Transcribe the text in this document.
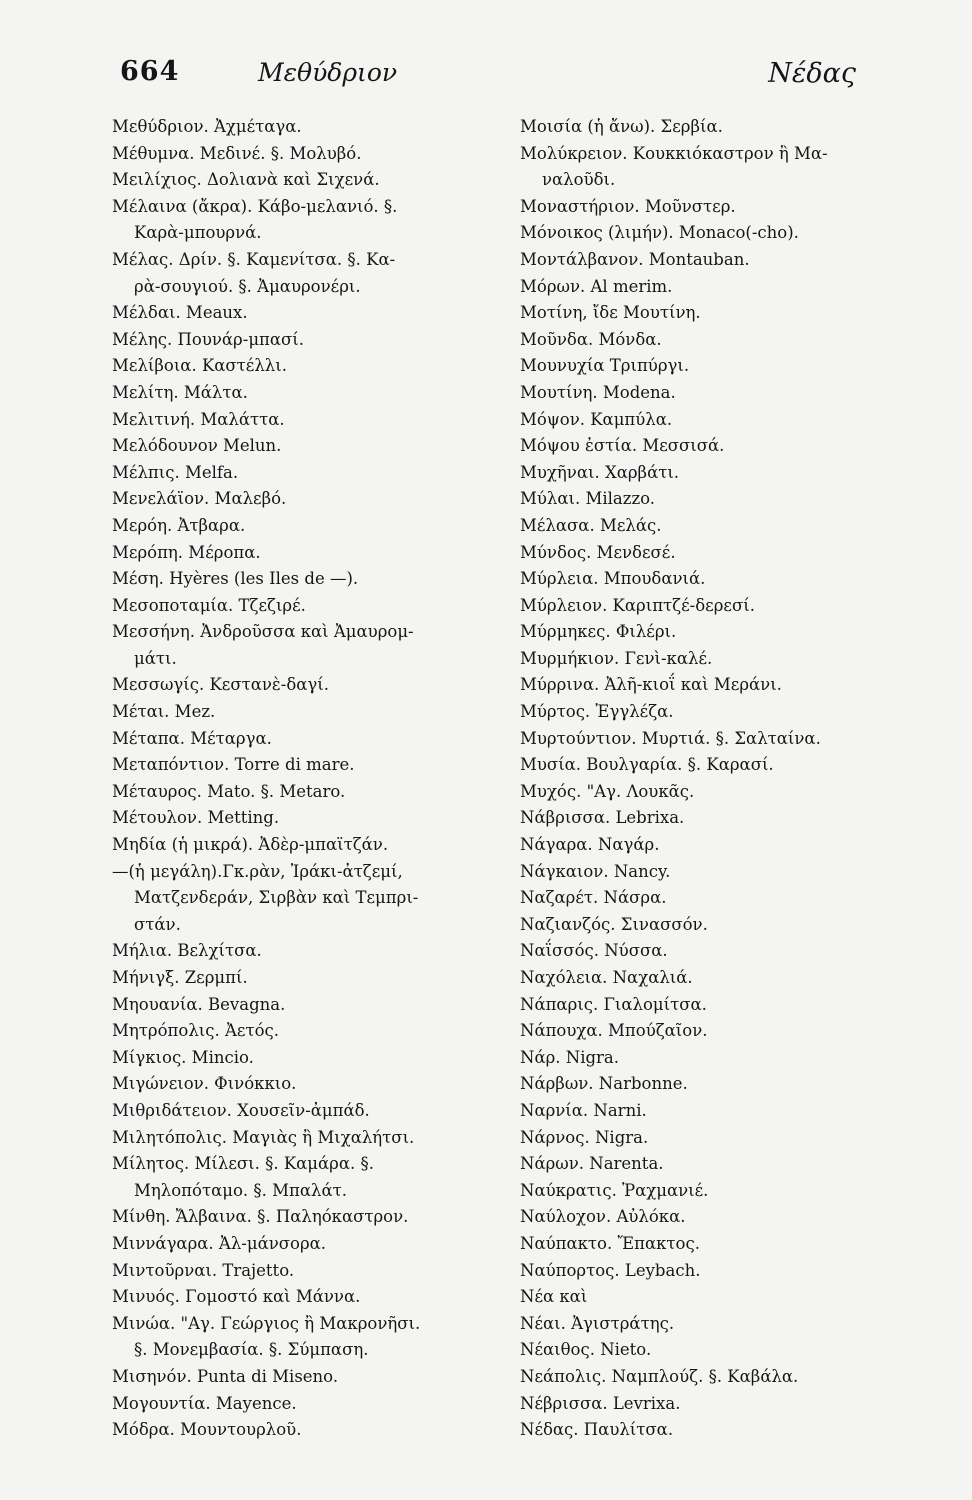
664	Μεθύδριον	Νέδας
Μεθύδριον. Ἀχμέταγα.
Μέθυμνα. Μεδινέ. §. Μολυβό.
Μειλίχιος. Δολιανὰ καὶ Σιχενά.
Μέλαινα (ἄκρα). Κάβο-μελανιό. §.
Καρὰ-μπουρνά.
Μέλας. Δρίν. §. Καμενίτσα. §. Κα-
ρὰ-σουγιού. §. Ἀμαυρονέρι.
Μέλδαι. Meaux.
Μέλης. Πουνάρ-μπασί.
Μελίβοια. Καστέλλι.
Μελίτη. Μάλτα.
Μελιτινή. Μαλάττα.
Μελόδουνον Melun.
Μέλπις. Melfa.
Μενελάϊον. Μαλεβό.
Μερόη. Ἀτβαρα.
Μερόπη. Μέροπα.
Μέση. Hyères (les Iles de —).
Μεσοποταμία. Τζεζιρέ.
Μεσσήνη. Ἀνδροῦσσα καὶ Ἀμαυρομ-
μάτι.
Μεσσωγίς. Κεστανὲ-δαγί.
Μέται. Mez.
Μέταπα. Μέταργα.
Μεταπόντιον. Torre di mare.
Μέταυρος. Mato. §. Metaro.
Μέτουλον. Metting.
Μηδία (ἡ μικρά). Ἀδὲρ-μπαϊτζάν.
—(ἡ μεγάλη).Γκ.ρὰν, Ἰράκι-ἀτζεμί,
Ματζενδεράν, Σιρβὰν καὶ Τεμπρι-
στάν.
Μήλια. Βελχίτσα.
Μήνιγξ. Ζερμπί.
Μηουανία. Bevagna.
Μητρόπολις. Ἀετός.
Μίγκιος. Mincio.
Μιγώνειον. Φινόκκιο.
Μιθριδάτειον. Χουσεῖν-ἀμπάδ.
Μιλητόπολις. Μαγιὰς ἢ Μιχαλήτσι.
Μίλητος. Μίλεσι. §. Καμάρα. §.
Μηλοπόταμο. §. Μπαλάτ.
Μίνθη. Ἄλβαινα. §. Παληόκαστρον.
Μιννάγαρα. Ἀλ-μάνσορα.
Μιντοῦρναι. Trajetto.
Μινυός. Γομοστό καὶ Μάννα.
Μινώα. "Αγ. Γεώργιος ἢ Μακρονῆσι.
§. Μονεμβασία. §. Σύμπαση.
Μισηνόν. Punta di Miseno.
Μογουντία. Mayence.
Μόδρα. Μουντουρλοῦ.
Μοισία (ἡ ἄνω). Σερβία.
Μολύκρειον. Κουκκιόκαστρον ἢ Μα-
ναλοῦδι.
Μοναστήριον. Μοῦνστερ.
Μόνοικος (λιμήν). Monaco(-cho).
Μοντάλβανον. Montauban.
Μόρων. Al merim.
Μοτίνη, ἴδε Μουτίνη.
Μοῦνδα. Μόνδα.
Μουνυχία Τριπύργι.
Μουτίνη. Modena.
Μόψον. Καμπύλα.
Μόψου ἐστία. Μεσσισά.
Μυχῆναι. Χαρβάτι.
Μύλαι. Milazzo.
Μέλασα. Μελάς.
Μύνδος. Μενδεσέ.
Μύρλεια. Μπουδανιά.
Μύρλειον. Καριπτζέ-δερεσί.
Μύρμηκες. Φιλέρι.
Μυρμήκιον. Γενὶ-καλέ.
Μύρρινα. Ἀλῆ-κιοΐ καὶ Μεράνι.
Μύρτος. Ἐγγλέζα.
Μυρτούντιον. Μυρτιά. §. Σαλταίνα.
Μυσία. Βουλγαρία. §. Καρασί.
Μυχός. "Αγ. Λουκᾶς.
Νάβρισσα. Lebrixa.
Νάγαρα. Ναγάρ.
Νάγκαιον. Nancy.
Ναζαρέτ. Νάσρα.
Ναζιανζός. Σινασσόν.
Ναΐσσός. Νύσσα.
Ναχόλεια. Ναχαλιά.
Νάπαρις. Γιαλομίτσα.
Νάπουχα. Μπούζαῖον.
Νάρ. Nigra.
Νάρβων. Narbonne.
Ναρνία. Narni.
Νάρνος. Nigra.
Νάρων. Narenta.
Ναύκρατις. Ῥαχμανιέ.
Ναύλοχον. Αὐλόκα.
Ναύπακτο. Ἔπακτος.
Ναύπορτος. Leybach.
Νέα καὶ
Νέαι. Ἀγιστράτης.
Νέαιθος. Nieto.
Νεάπολις. Ναμπλούζ. §. Καβάλα.
Νέβρισσα. Levrixa.
Νέδας. Παυλίτσα.
